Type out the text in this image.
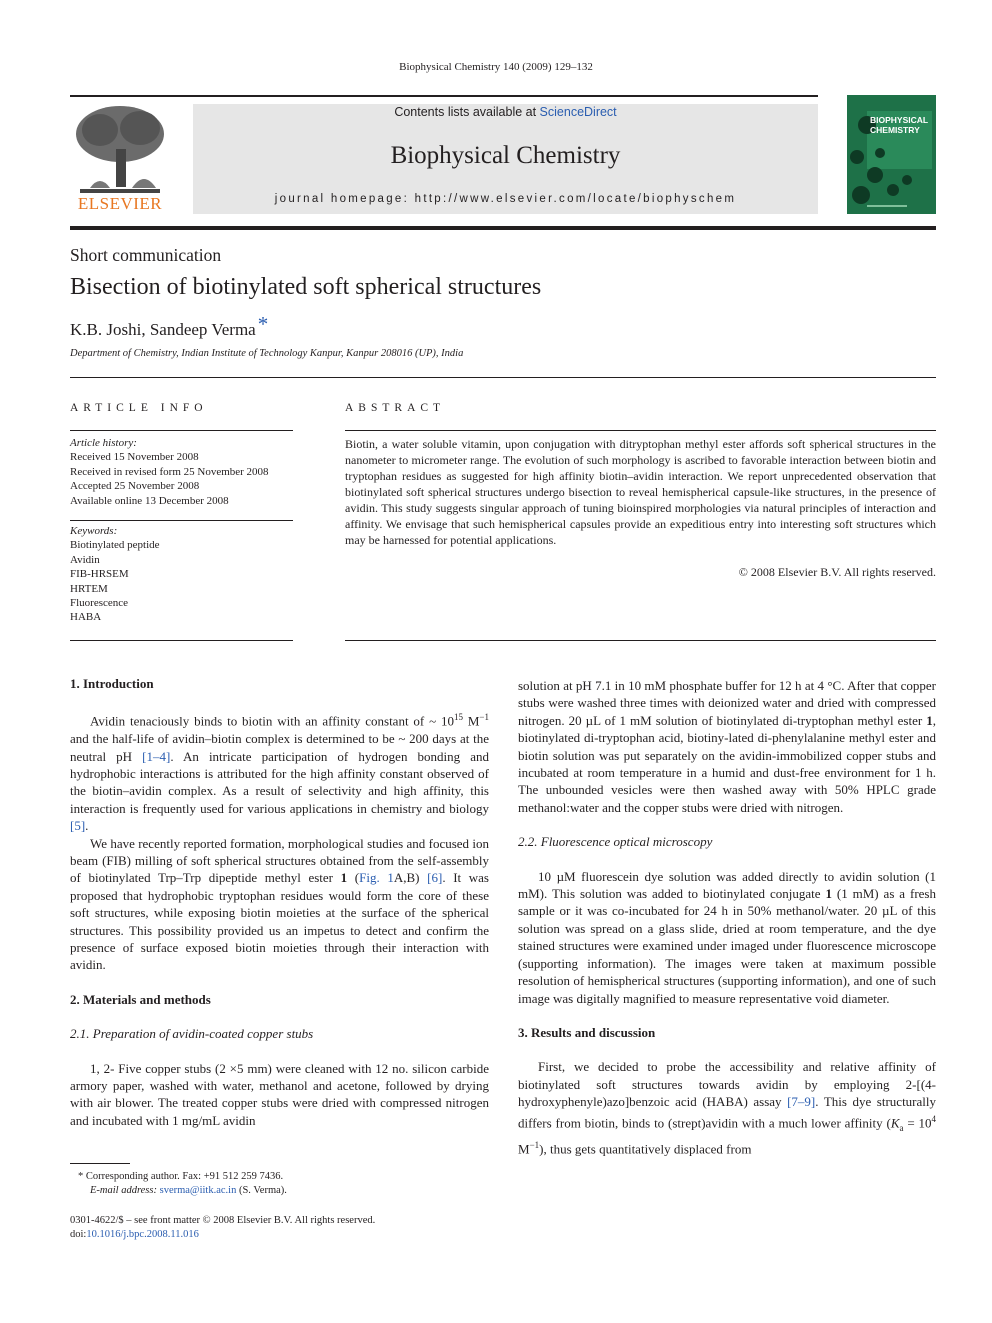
Biophysical Chemistry 140 (2009) 129–132
ELSEVIER
Contents lists available at ScienceDirect
Biophysical Chemistry
journal homepage: http://www.elsevier.com/locate/biophyschem
BIOPHYSICAL
CHEMISTRY
Short communication
Bisection of biotinylated soft spherical structures
K.B. Joshi, Sandeep Verma*
Department of Chemistry, Indian Institute of Technology Kanpur, Kanpur 208016 (UP), India
ARTICLE INFO	ABSTRACT
Article history:
Received 15 November 2008
Received in revised form 25 November 2008
Accepted 25 November 2008
Available online 13 December 2008
Keywords:
Biotinylated peptide
Avidin
FIB-HRSEM
HRTEM
Fluorescence
HABA
Biotin, a water soluble vitamin, upon conjugation with ditryptophan methyl ester affords soft spherical structures in the nanometer to micrometer range. The evolution of such morphology is ascribed to favorable interaction between biotin and tryptophan residues as suggested for high affinity biotin–avidin interaction. We report unprecedented observation that biotinylated soft spherical structures undergo bisection to reveal hemispherical capsule-like structures, in the presence of avidin. This study suggests singular approach of tuning bioinspired morphologies via natural principles of interaction and affinity. We envisage that such hemispherical capsules provide an expeditious entry into interesting soft structures which may be harnessed for potential applications.
© 2008 Elsevier B.V. All rights reserved.
1. Introduction

Avidin tenaciously binds to biotin with an affinity constant of ~ $10^{15}$ $M^{-1}$ and the half-life of avidin–biotin complex is determined to be ~ 200 days at the neutral pH [1–4]. An intricate participation of hydrogen bonding and hydrophobic interactions is attributed for the high affinity constant observed of the biotin–avidin complex. As a result of selectivity and high affinity, this interaction is frequently used for various applications in chemistry and biology [5].

We have recently reported formation, morphological studies and focused ion beam (FIB) milling of soft spherical structures obtained from the self-assembly of biotinylated Trp–Trp dipeptide methyl ester 1 (Fig. 1A,B) [6]. It was proposed that hydrophobic tryptophan residues would form the core of these soft structures, while exposing biotin moieties at the surface of the spherical structures. This possibility provided us an impetus to detect and confirm the presence of surface exposed biotin moieties through their interaction with avidin.

2. Materials and methods
2.1. Preparation of avidin-coated copper stubs

1, 2- Five copper stubs (2 ×5 mm) were cleaned with 12 no. silicon carbide armory paper, washed with water, methanol and acetone, followed by drying with air blower. The treated copper stubs were dried with compressed nitrogen and incubated with 1 mg/mL avidin

solution at pH 7.1 in 10 mM phosphate buffer for 12 h at 4 °C. After that copper stubs were washed three times with deionized water and dried with compressed nitrogen. 20 µL of 1 mM solution of biotinylated di-tryptophan methyl ester 1, biotinylated di-tryptophan acid, biotiny-lated di-phenylalanine methyl ester and biotin solution was put separately on the avidin-immobilized copper stubs and incubated at room temperature in a humid and dust-free environment for 1 h. The unbounded vesicles were then washed away with 50% HPLC grade methanol:water and the copper stubs were dried with nitrogen.

2.2. Fluorescence optical microscopy

10 µM fluorescein dye solution was added directly to avidin solution (1 mM). This solution was added to biotinylated conjugate 1 (1 mM) as a fresh sample or it was co-incubated for 24 h in 50% methanol/water. 20 µL of this solution was spread on a glass slide, dried at room temperature, and the dye stained structures were examined under imaged under fluorescence microscope (supporting information). The images were taken at maximum possible resolution of hemispherical structures (supporting information), and one of such image was digitally magnified to measure representative void diameter.

3. Results and discussion

First, we decided to probe the accessibility and relative affinity of biotinylated soft structures towards avidin by employing 2-[(4-hydroxyphenyle)azo]benzoic acid (HABA) assay [7–9]. This dye structurally differs from biotin, binds to (strept)avidin with a much lower affinity ($K_a = 10^4$ $M^{-1}$), thus gets quantitatively displaced from

* Corresponding author. Fax: +91 512 259 7436.
E-mail address: sverma@iitk.ac.in (S. Verma).
0301-4622/$ – see front matter © 2008 Elsevier B.V. All rights reserved.
doi:10.1016/j.bpc.2008.11.016
